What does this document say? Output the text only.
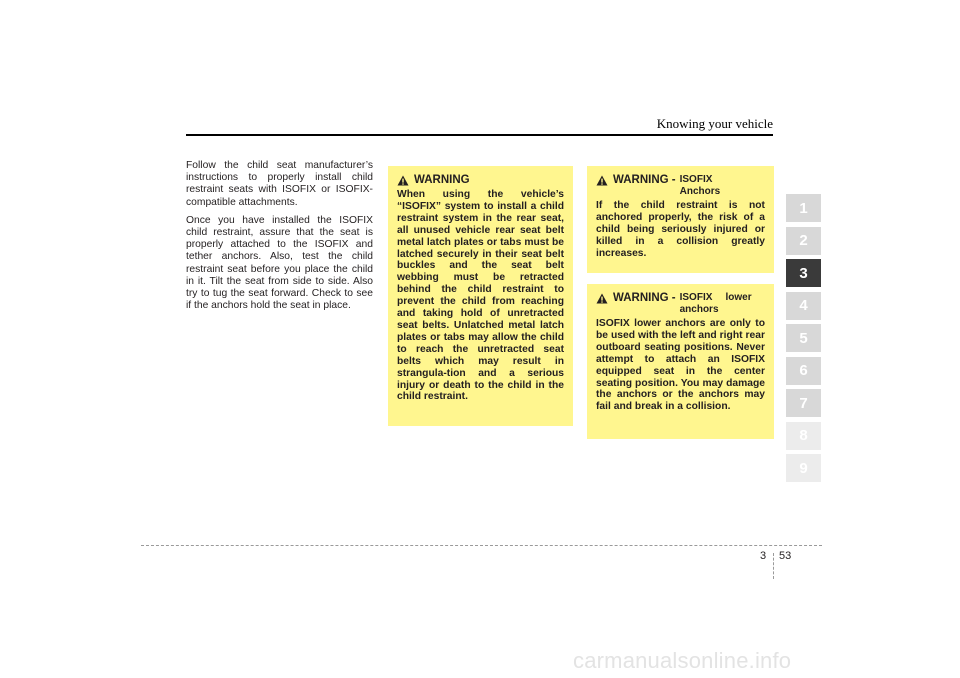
Knowing your vehicle

Follow the child seat manufacturer’s instructions to properly install child restraint seats with ISOFIX or ISOFIX-compatible attachments.

Once you have installed the ISOFIX child restraint, assure that the seat is properly attached to the ISOFIX and tether anchors. Also, test the child restraint seat before you place the child in it. Tilt the seat from side to side. Also try to tug the seat forward. Check to see if the anchors hold the seat in place.

WARNING
When using the vehicle’s “ISOFIX” system to install a child restraint system in the rear seat, all unused vehicle rear seat belt metal latch plates or tabs must be latched securely in their seat belt buckles and the seat belt webbing must be retracted behind the child restraint to prevent the child from reaching and taking hold of unretracted seat belts. Unlatched metal latch plates or tabs may allow the child to reach the unretracted seat belts which may result in strangula-tion and a serious injury or death to the child in the child restraint.
WARNING - ISOFIX Anchors
If the child restraint is not anchored properly, the risk of a child being seriously injured or killed in a collision greatly increases.
WARNING - ISOFIX lower anchors
ISOFIX lower anchors are only to be used with the left and right rear outboard seating positions. Never attempt to attach an ISOFIX equipped seat in the center seating position. You may damage the anchors or the anchors may fail and break in a collision.
1
2
3
4
5
6
7
8
9
3 53
carmanualsonline.info
